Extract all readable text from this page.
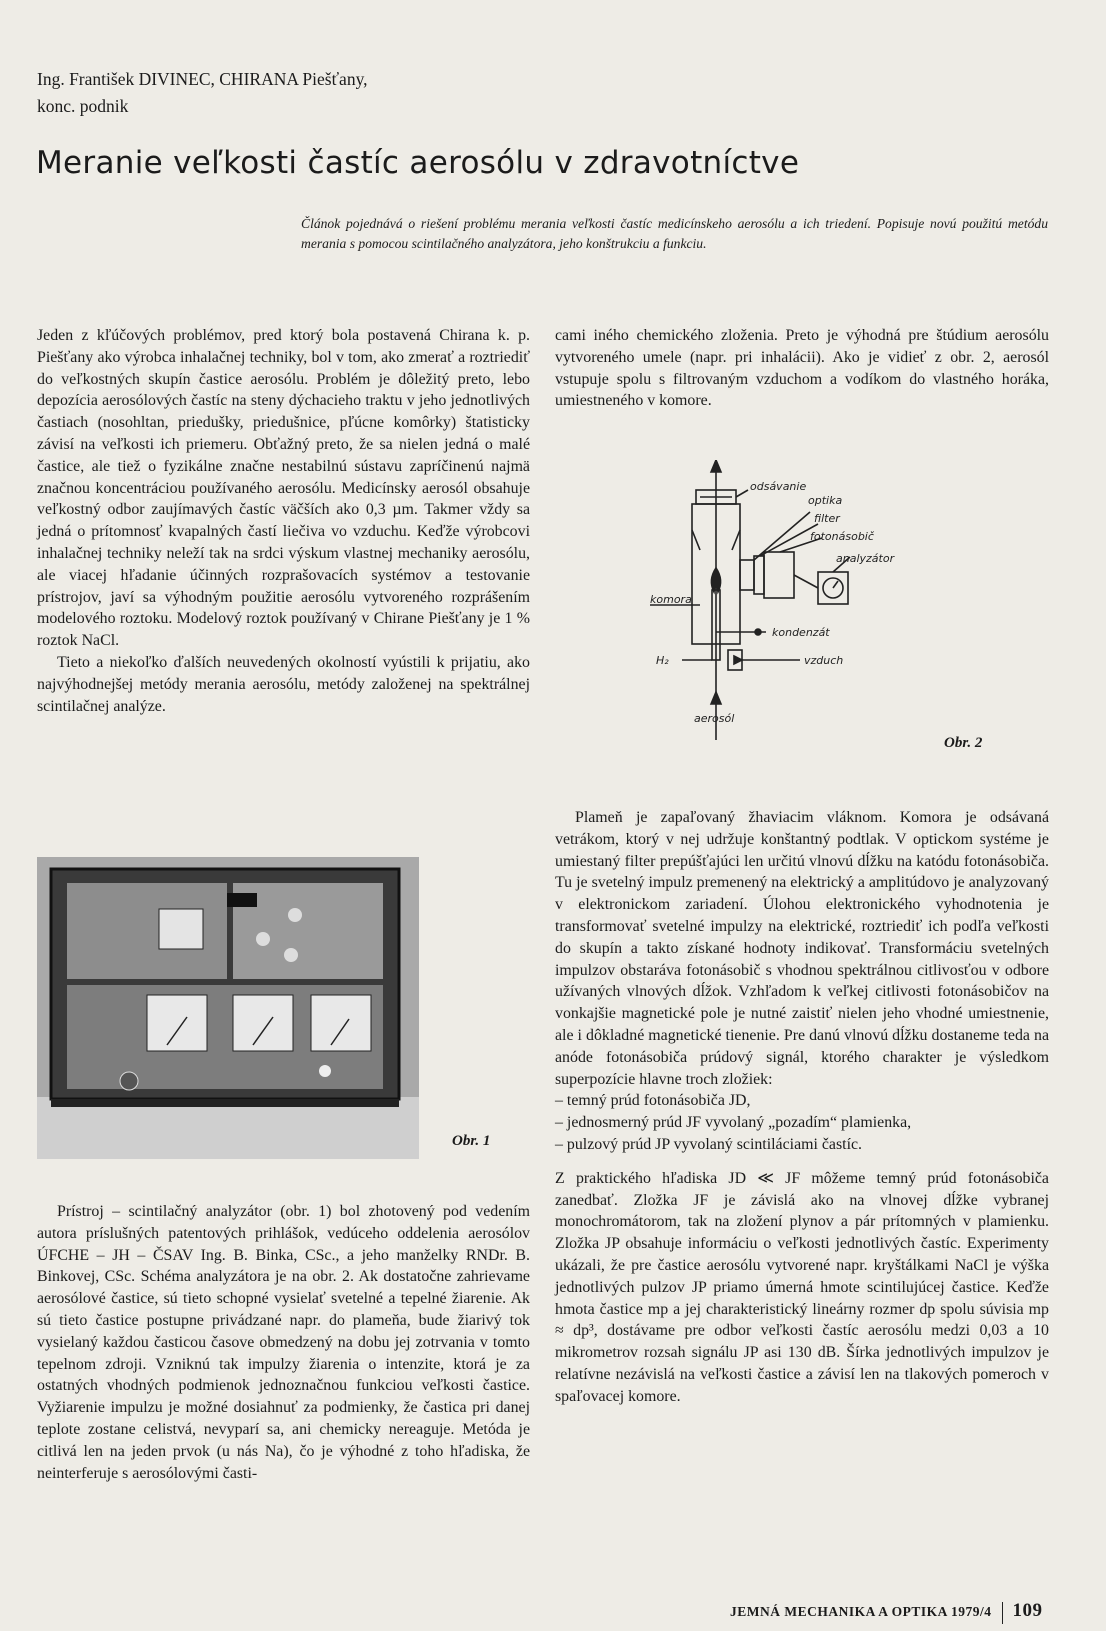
Ing. František DIVINEC, CHIRANA Piešťany,
konc. podnik
Meranie veľkosti častíc aerosólu v zdravotníctve
Článok pojednává o riešení problému merania veľkosti častíc medicínskeho aerosólu a ich triedení. Popisuje novú použitú metódu merania s pomocou scintilačného analyzátora, jeho konštrukciu a funkciu.

Jeden z kľúčových problémov, pred ktorý bola postavená Chirana k. p. Piešťany ako výrobca inhalačnej techniky, bol v tom, ako zmerať a roztriediť do veľkostných skupín častice aerosólu. Problém je dôležitý preto, lebo depozícia aerosólových častíc na steny dýchacieho traktu v jeho jednotlivých častiach (nosohltan, priedušky, priedušnice, pľúcne komôrky) štatisticky závisí na veľkosti ich priemeru. Obťažný preto, že sa nielen jedná o malé častice, ale tiež o fyzikálne značne nestabilnú sústavu zapríčinenú najmä značnou koncentráciou používaného aerosólu. Medicínsky aerosól obsahuje veľkostný odbor zaujímavých častíc väčších ako 0,3 µm. Takmer vždy sa jedná o prítomnosť kvapalných častí liečiva vo vzduchu. Keďže výrobcovi inhalačnej techniky neleží tak na srdci výskum vlastnej mechaniky aerosólu, ale viacej hľadanie účinných rozprašovacích systémov a testovanie prístrojov, javí sa výhodným použitie aerosólu vytvoreného rozprášením modelového roztoku. Modelový roztok používaný v Chirane Piešťany je 1 % roztok NaCl.

Tieto a niekoľko ďalších neuvedených okolností vyústili k prijatiu, ako najvýhodnejšej metódy merania aerosólu, metódy založenej na spektrálnej scintilačnej analýze.

cami iného chemického zloženia. Preto je výhodná pre štúdium aerosólu vytvoreného umele (napr. pri inhalácii). Ako je vidieť z obr. 2, aerosól vstupuje spolu s filtrovaným vzduchom a vodíkom do vlastného horáka, umiestneného v komore.

odsávanie
optika
filter
fotonásobič
analyzátor
komora
kondenzát
H₂	vzduch
aerosól
Obr. 2
Obr. 1

Prístroj – scintilačný analyzátor (obr. 1) bol zhotovený pod vedením autora príslušných patentových prihlášok, vedúceho oddelenia aerosólov ÚFCHE – JH – ČSAV Ing. B. Binka, CSc., a jeho manželky RNDr. B. Binkovej, CSc. Schéma analyzátora je na obr. 2. Ak dostatočne zahrievame aerosólové častice, sú tieto schopné vysielať svetelné a tepelné žiarenie. Ak sú tieto častice postupne privádzané napr. do plameňa, bude žiarivý tok vysielaný každou časticou časove obmedzený na dobu jej zotrvania v tomto tepelnom zdroji. Vzniknú tak impulzy žiarenia o intenzite, ktorá je za ostatných vhodných podmienok jednoznačnou funkciou veľkosti častice. Vyžiarenie impulzu je možné dosiahnuť za podmienky, že častica pri danej teplote zostane celistvá, nevyparí sa, ani chemicky nereaguje. Metóda je citlivá len na jeden prvok (u nás Na), čo je výhodné z toho hľadiska, že neinterferuje s aerosólovými časti-

Plameň je zapaľovaný žhaviacim vláknom. Komora je odsávaná vetrákom, ktorý v nej udržuje konštantný podtlak. V optickom systéme je umiestaný filter prepúšťajúci len určitú vlnovú dĺžku na katódu fotonásobiča. Tu je svetelný impulz premenený na elektrický a amplitúdovo je analyzovaný v elektronickom zariadení. Úlohou elektronického vyhodnotenia je transformovať svetelné impulzy na elektrické, roztriediť ich podľa veľkosti do skupín a takto získané hodnoty indikovať. Transformáciu svetelných impulzov obstaráva fotonásobič s vhodnou spektrálnou citlivosťou v odbore užívaných vlnových dĺžok. Vzhľadom k veľkej citlivosti fotonásobičov na vonkajšie magnetické pole je nutné zaistiť nielen jeho vhodné umiestnenie, ale i dôkladné magnetické tienenie. Pre danú vlnovú dĺžku dostaneme teda na anóde fotonásobiča prúdový signál, ktorého charakter je výsledkom superpozície hlavne troch zložiek:

– temný prúd fotonásobiča JD,
– jednosmerný prúd JF vyvolaný „pozadím“ plamienka,
– pulzový prúd JP vyvolaný scintiláciami častíc.

Z praktického hľadiska JD ≪ JF môžeme temný prúd fotonásobiča zanedbať. Zložka JF je závislá ako na vlnovej dĺžke vybranej monochromátorom, tak na zložení plynov a pár prítomných v plamienku. Zložka JP obsahuje informáciu o veľkosti jednotlivých častíc. Experimenty ukázali, že pre častice aerosólu vytvorené napr. kryštálkami NaCl je výška jednotlivých pulzov JP priamo úmerná hmote scintilujúcej častice. Keďže hmota častice mp a jej charakteristický lineárny rozmer dp spolu súvisia mp ≈ dp³, dostávame pre odbor veľkosti častíc aerosólu medzi 0,03 a 10 mikrometrov rozsah signálu JP asi 130 dB. Šírka jednotlivých impulzov je relatívne nezávislá na veľkosti častice a závisí len na tlakových pomeroch v spaľovacej komore.

JEMNÁ MECHANIKA A OPTIKA 1979/4 109
